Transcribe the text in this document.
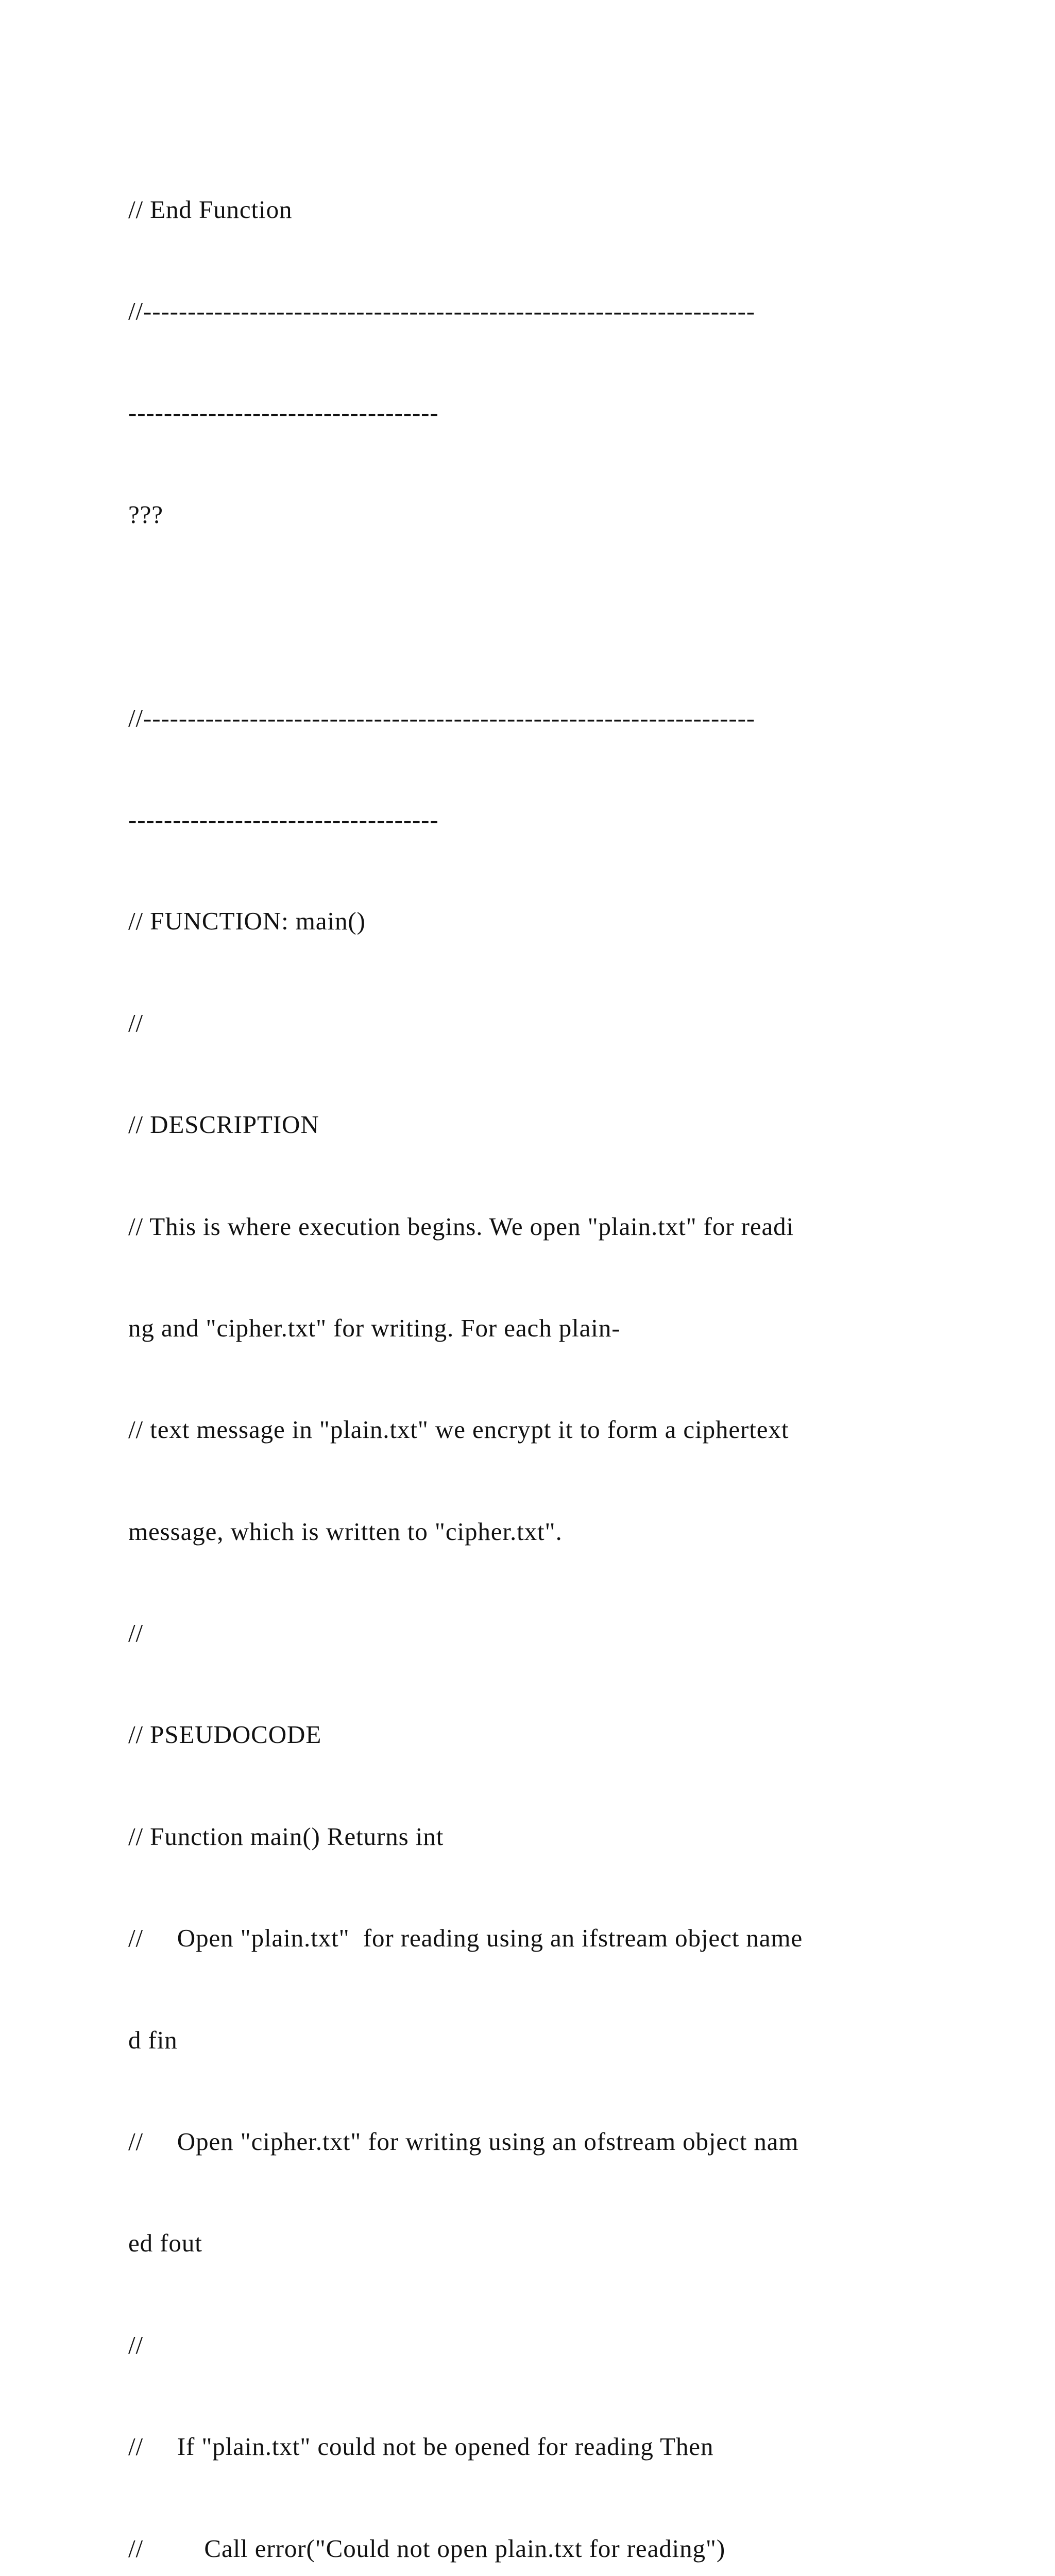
// End Function

//---------------------------------------------------------------------

-----------------------------------

???

//---------------------------------------------------------------------

-----------------------------------

// FUNCTION: main()

//

// DESCRIPTION

// This is where execution begins. We open "plain.txt" for readi

ng and "cipher.txt" for writing. For each plain-

// text message in "plain.txt" we encrypt it to form a ciphertext

message, which is written to "cipher.txt".

//

// PSEUDOCODE

// Function main() Returns int

//     Open "plain.txt"  for reading using an ifstream object name

d fin

//     Open "cipher.txt" for writing using an ofstream object nam

ed fout

//

//     If "plain.txt" could not be opened for reading Then

//         Call error("Could not open plain.txt for reading")
